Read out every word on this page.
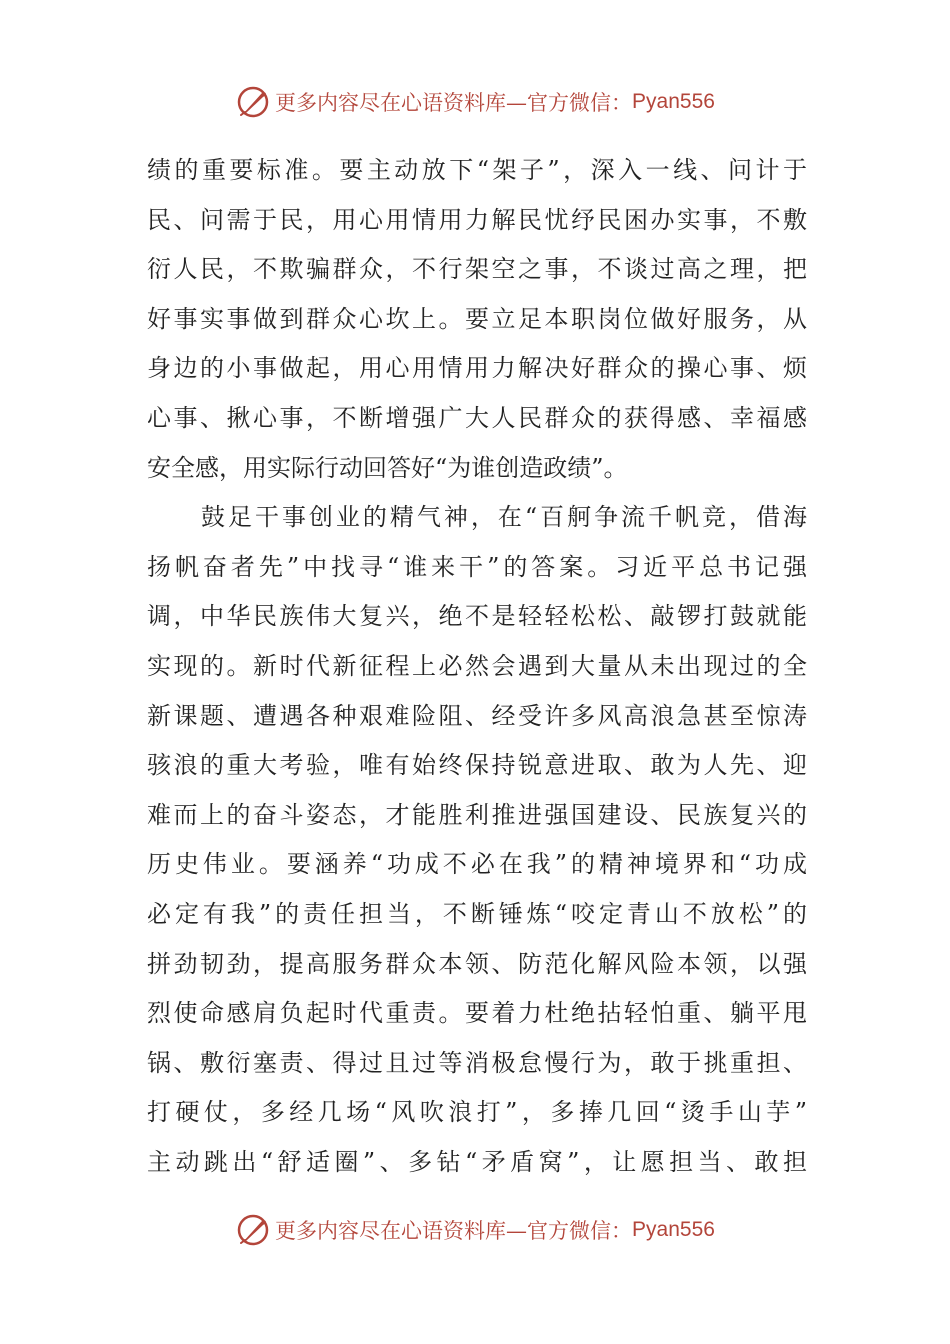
更多内容尽在心语资料库—官方微信： Pyan556
绩的重要标准。要主动放下“架子”，深入一线、问计于
民、问需于民，用心用情用力解民忧纾民困办实事，不敷
衍人民，不欺骗群众，不行架空之事，不谈过高之理，把
好事实事做到群众心坎上。要立足本职岗位做好服务，从
身边的小事做起，用心用情用力解决好群众的操心事、烦
心事、揪心事，不断增强广大人民群众的获得感、幸福感
安全感，用实际行动回答好“为谁创造政绩”。
　　鼓足干事创业的精气神，在“百舸争流千帆竞，借海
扬帆奋者先”中找寻“谁来干”的答案。习近平总书记强
调，中华民族伟大复兴，绝不是轻轻松松、敲锣打鼓就能
实现的。新时代新征程上必然会遇到大量从未出现过的全
新课题、遭遇各种艰难险阻、经受许多风高浪急甚至惊涛
骇浪的重大考验，唯有始终保持锐意进取、敢为人先、迎
难而上的奋斗姿态，才能胜利推进强国建设、民族复兴的
历史伟业。要涵养“功成不必在我”的精神境界和“功成
必定有我”的责任担当，不断锤炼“咬定青山不放松”的
拼劲韧劲，提高服务群众本领、防范化解风险本领，以强
烈使命感肩负起时代重责。要着力杜绝拈轻怕重、躺平甩
锅、敷衍塞责、得过且过等消极怠慢行为，敢于挑重担、
打硬仗，多经几场“风吹浪打”，多捧几回“烫手山芋”
主动跳出“舒适圈”、多钻“矛盾窝”，让愿担当、敢担
更多内容尽在心语资料库—官方微信： Pyan556
